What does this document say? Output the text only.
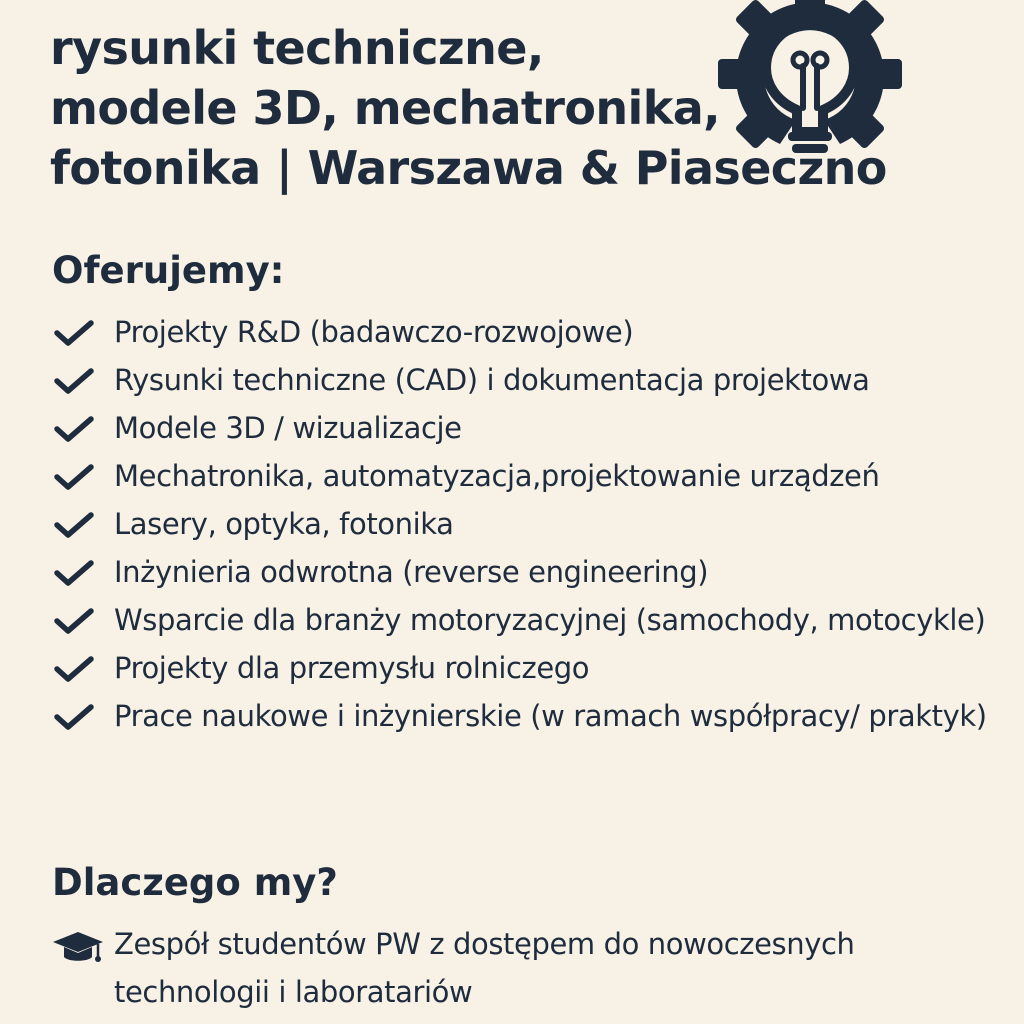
rysunki techniczne,
modele 3D, mechatronika,
fotonika | Warszawa & Piaseczno
Oferujemy:
Projekty R&D (badawczo-rozwojowe)
Rysunki techniczne (CAD) i dokumentacja projektowa
Modele 3D / wizualizacje
Mechatronika, automatyzacja,projektowanie urządzeń
Lasery, optyka, fotonika
Inżynieria odwrotna (reverse engineering)
Wsparcie dla branży motoryzacyjnej (samochody, motocykle)
Projekty dla przemysłu rolniczego
Prace naukowe i inżynierskie (w ramach współpracy/ praktyk)
Dlaczego my?
Zespół studentów PW z dostępem do nowoczesnych technologii i laboratariów
